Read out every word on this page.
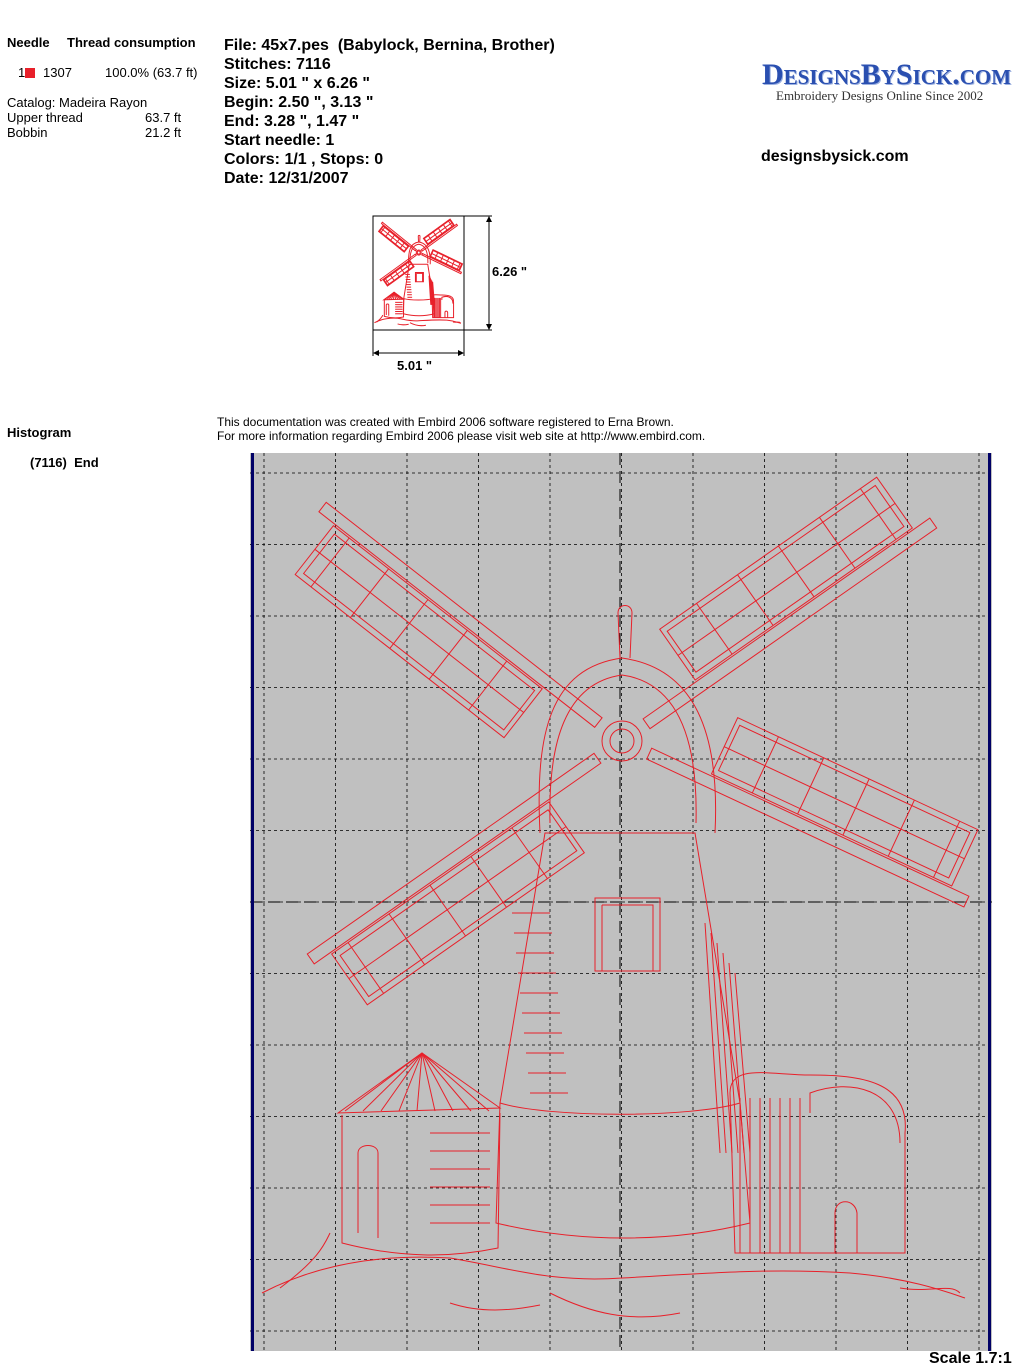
Needle Thread consumption
1	1307	100.0% (63.7 ft)
Catalog: Madeira Rayon
Upper thread	63.7 ft
Bobbin	21.2 ft
Histogram
(7116)  End
File: 45x7.pes  (Babylock, Bernina, Brother)
Stitches: 7116
Size: 5.01 " x 6.26 "
Begin: 2.50 ", 3.13 "
End: 3.28 ", 1.47 "
Start needle: 1
Colors: 1/1 , Stops: 0
Date: 12/31/2007
DesignsBySick.com
Embroidery Designs Online Since 2002
designsbysick.com
6.26 "
5.01 "
This documentation was created with Embird 2006 software registered to Erna Brown.
For more information regarding Embird 2006 please visit web site at http://www.embird.com.
Scale 1.7:1
